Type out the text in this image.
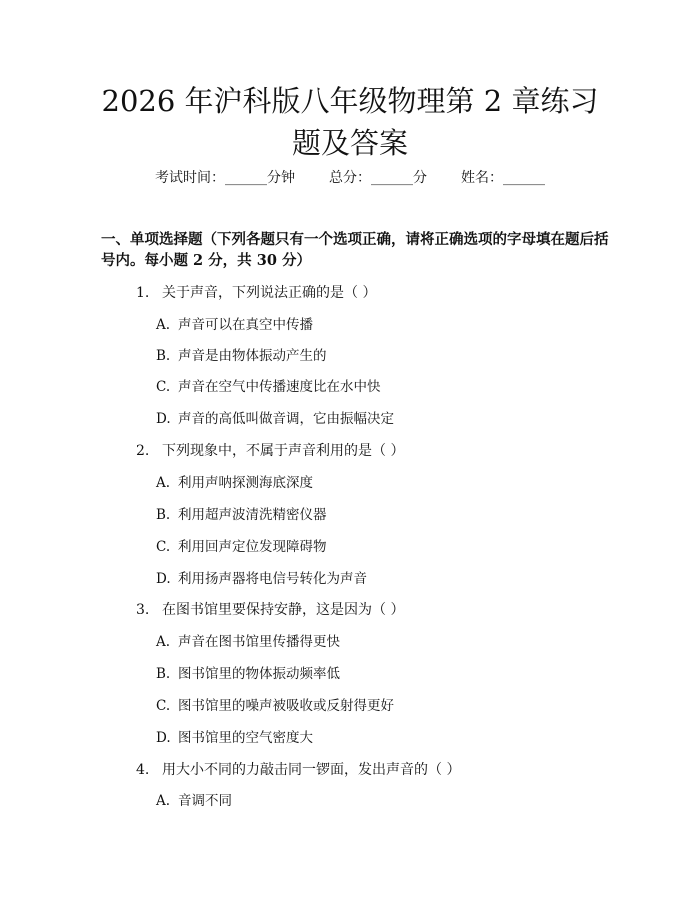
2026 年沪科版八年级物理第 2 章练习题及答案
考试时间：______分钟 总分：______分 姓名：______

一、单项选择题（下列各题只有一个选项正确，请将正确选项的字母填在题后括号内。每小题 2 分，共 30 分）

1. 关于声音，下列说法正确的是（ ）

A. 声音可以在真空中传播

B. 声音是由物体振动产生的

C. 声音在空气中传播速度比在水中快

D. 声音的高低叫做音调，它由振幅决定

2. 下列现象中，不属于声音利用的是（ ）

A. 利用声呐探测海底深度

B. 利用超声波清洗精密仪器

C. 利用回声定位发现障碍物

D. 利用扬声器将电信号转化为声音

3. 在图书馆里要保持安静，这是因为（ ）

A. 声音在图书馆里传播得更快

B. 图书馆里的物体振动频率低

C. 图书馆里的噪声被吸收或反射得更好

D. 图书馆里的空气密度大

4. 用大小不同的力敲击同一锣面，发出声音的（ ）

A. 音调不同
